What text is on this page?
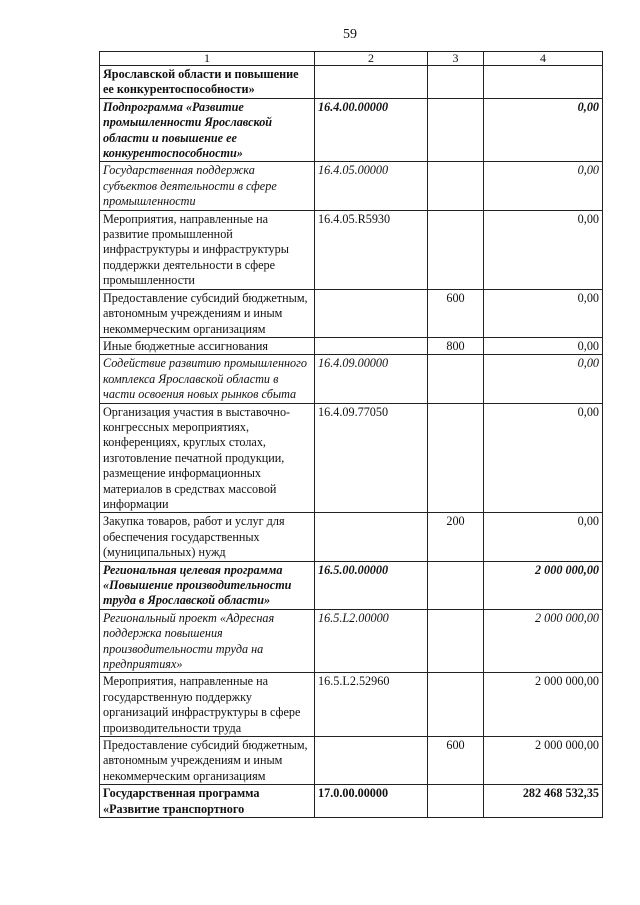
59
1	2	3	4
Ярославской области и повышение ее конкурентоспособности»			
Подпрограмма «Развитие промышленности Ярославской области и повышение ее конкурентоспособности»	16.4.00.00000		0,00
Государственная поддержка субъектов деятельности в сфере промышленности	16.4.05.00000		0,00
Мероприятия, направленные на развитие промышленной инфраструктуры и инфраструктуры поддержки деятельности в сфере промышленности	16.4.05.R5930		0,00
Предоставление субсидий бюджетным, автономным учреждениям и иным некоммерческим организациям		600	0,00
Иные бюджетные ассигнования		800	0,00
Содействие развитию промышленного комплекса Ярославской области в части освоения новых рынков сбыта	16.4.09.00000		0,00
Организация участия в выставочно-конгрессных мероприятиях, конференциях, круглых столах, изготовление печатной продукции, размещение информационных материалов в средствах массовой информации	16.4.09.77050		0,00
Закупка товаров, работ и услуг для обеспечения государственных (муниципальных) нужд		200	0,00
Региональная целевая программа «Повышение производительности труда в Ярославской области»	16.5.00.00000		2 000 000,00
Региональный проект «Адресная поддержка повышения производительности труда на предприятиях»	16.5.L2.00000		2 000 000,00
Мероприятия, направленные на государственную поддержку организаций инфраструктуры в сфере производительности труда	16.5.L2.52960		2 000 000,00
Предоставление субсидий бюджетным, автономным учреждениям и иным некоммерческим организациям		600	2 000 000,00
Государственная программа «Развитие транспортного	17.0.00.00000		282 468 532,35
